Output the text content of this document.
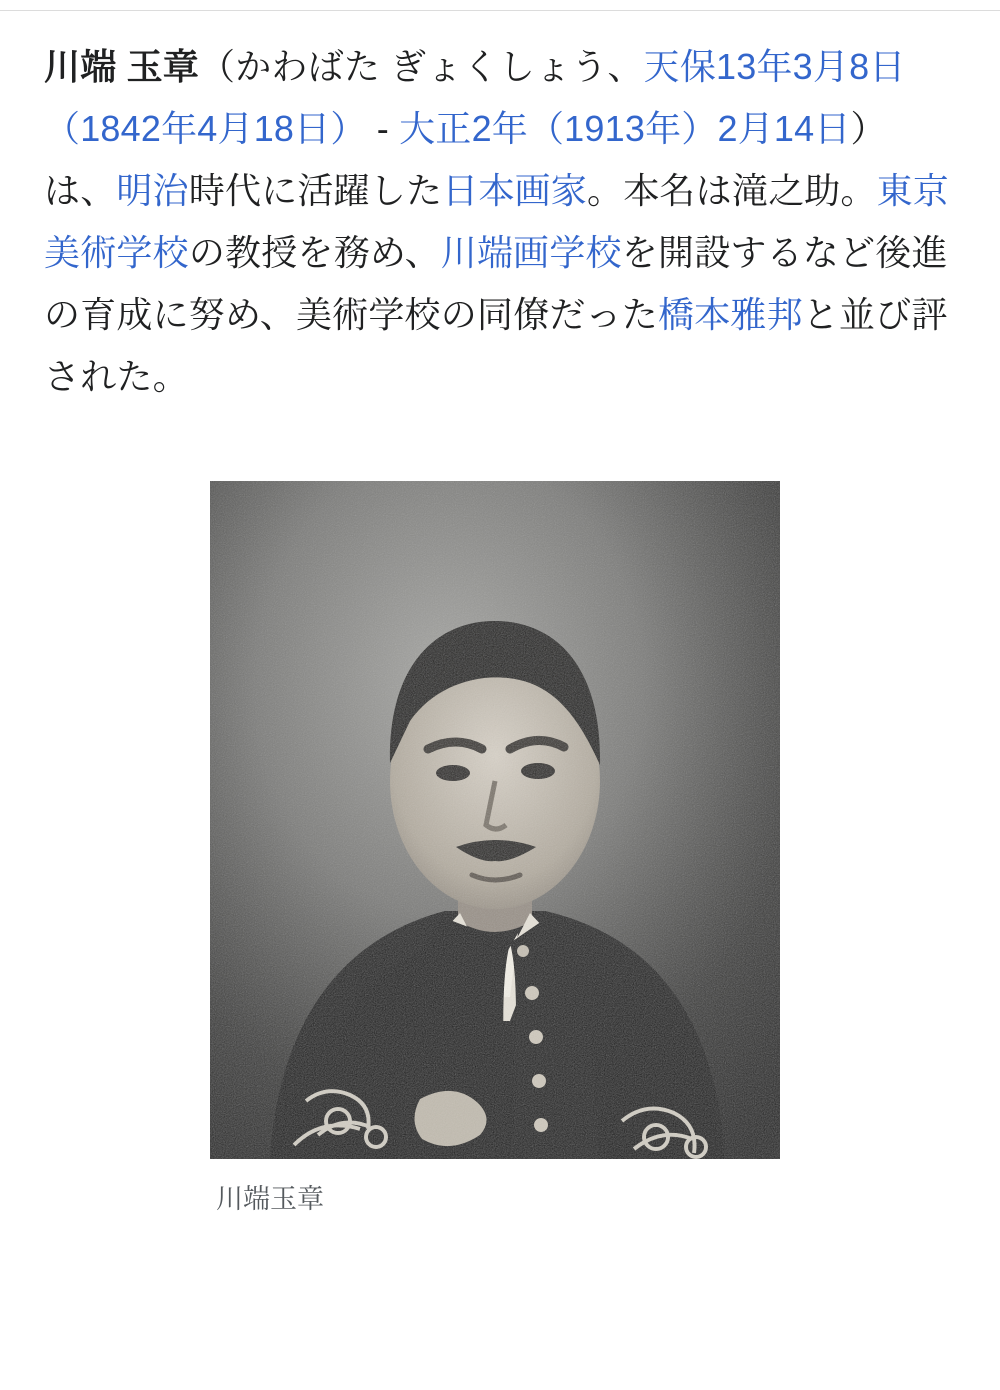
川端 玉章（かわばた ぎょくしょう、天保13年3月8日（1842年4月18日） - 大正2年（1913年）2月14日）は、明治時代に活躍した日本画家。本名は滝之助。東京美術学校の教授を務め、川端画学校を開設するなど後進の育成に努め、美術学校の同僚だった橋本雅邦と並び評された。

川端玉章
